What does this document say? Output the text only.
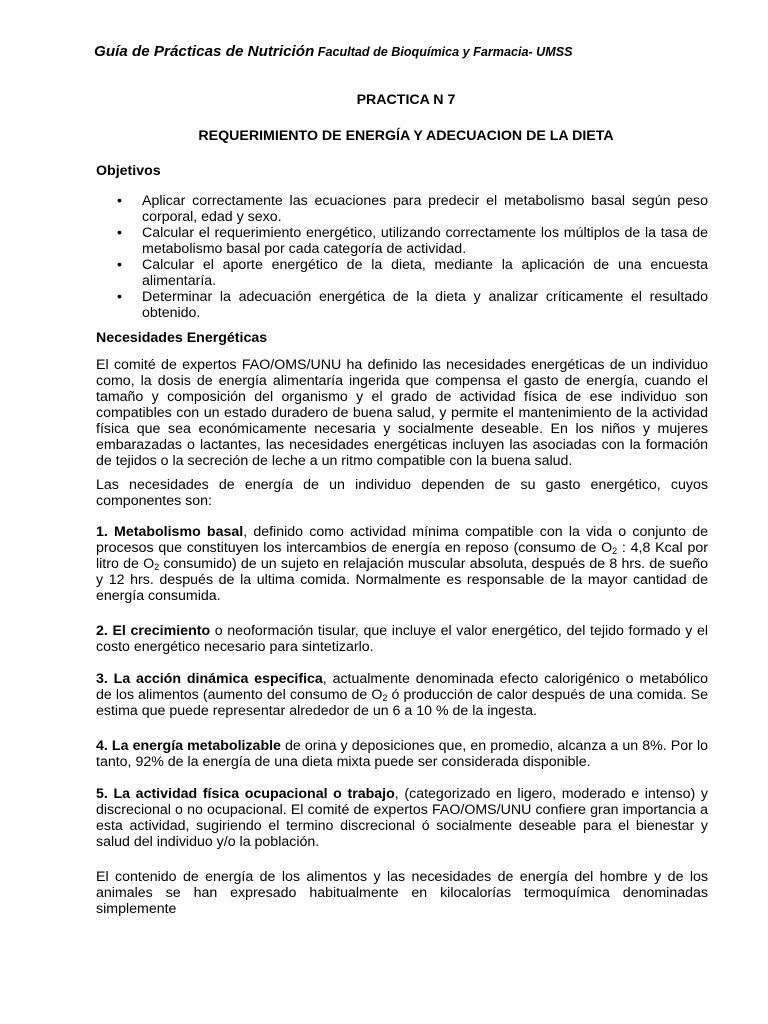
Guía de Prácticas de Nutrición Facultad de Bioquímica y Farmacia- UMSS
PRACTICA N 7
REQUERIMIENTO DE ENERGÍA Y ADECUACION DE LA DIETA
Objetivos
• Aplicar correctamente las ecuaciones para predecir el metabolismo basal según peso corporal, edad y sexo.
• Calcular el requerimiento energético, utilizando correctamente los múltiplos de la tasa de metabolismo basal por cada categoría de actividad.
• Calcular el aporte energético de la dieta, mediante la aplicación de una encuesta alimentaría.
• Determinar la adecuación energética de la dieta y analizar críticamente el resultado obtenido.
Necesidades Energéticas

El comité de expertos FAO/OMS/UNU ha definido las necesidades energéticas de un individuo como, la dosis de energía alimentaría ingerida que compensa el gasto de energía, cuando el tamaño y composición del organismo y el grado de actividad física de ese individuo son compatibles con un estado duradero de buena salud, y permite el mantenimiento de la actividad física que sea económicamente necesaria y socialmente deseable. En los niños y mujeres embarazadas o lactantes, las necesidades energéticas incluyen las asociadas con la formación de tejidos o la secreción de leche a un ritmo compatible con la buena salud.

Las necesidades de energía de un individuo dependen de su gasto energético, cuyos componentes son:

1. Metabolismo basal, definido como actividad mínima compatible con la vida o conjunto de procesos que constituyen los intercambios de energía en reposo (consumo de $O_2$ : 4,8 Kcal por litro de $O_2$ consumido) de un sujeto en relajación muscular absoluta, después de 8 hrs. de sueño y 12 hrs. después de la ultima comida. Normalmente es responsable de la mayor cantidad de energía consumida.

2. El crecimiento o neoformación tisular, que incluye el valor energético, del tejido formado y el costo energético necesario para sintetizarlo.

3. La acción dinámica especifica, actualmente denominada efecto calorigénico o metabólico de los alimentos (aumento del consumo de $O_2$ ó producción de calor después de una comida. Se estima que puede representar alrededor de un 6 a 10 % de la ingesta.

4. La energía metabolizable de orina y deposiciones que, en promedio, alcanza a un 8%. Por lo tanto, 92% de la energía de una dieta mixta puede ser considerada disponible.

5. La actividad física ocupacional o trabajo, (categorizado en ligero, moderado e intenso) y discrecional o no ocupacional. El comité de expertos FAO/OMS/UNU confiere gran importancia a esta actividad, sugiriendo el termino discrecional ó socialmente deseable para el bienestar y salud del individuo y/o la población.

El contenido de energía de los alimentos y las necesidades de energía del hombre y de los animales se han expresado habitualmente en kilocalorías termoquímica denominadas simplemente
